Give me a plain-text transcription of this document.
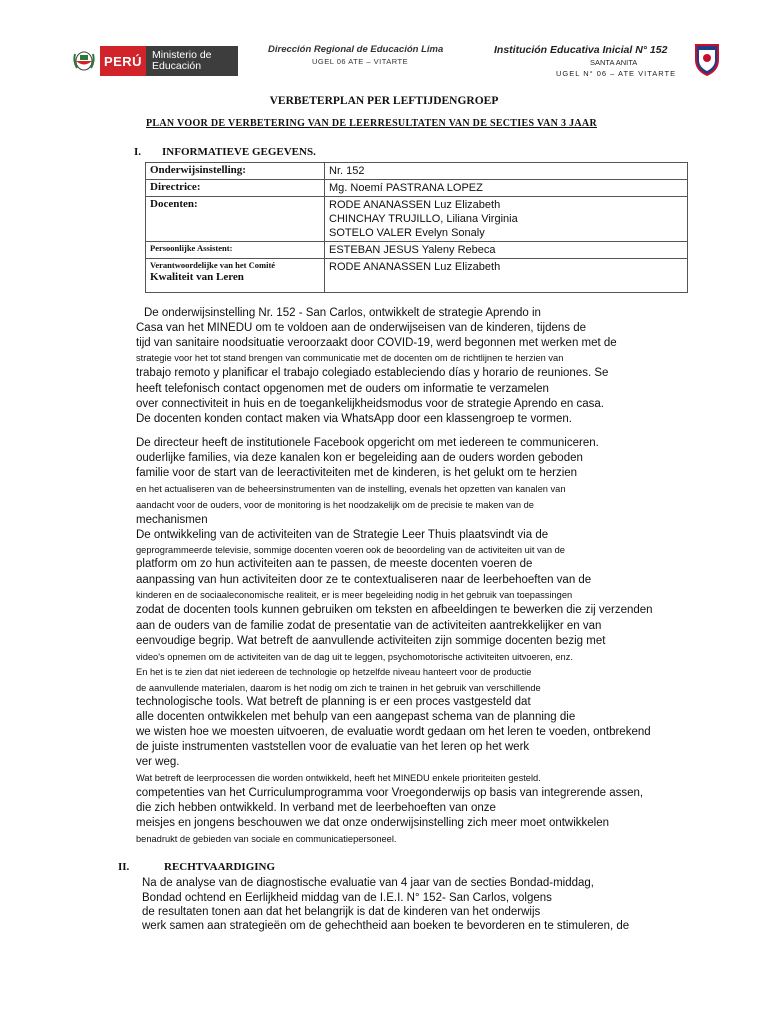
PERÚ Ministerio de Educación
Dirección Regional de Educación Lima
UGEL 06 ATE – VITARTE
Institución Educativa Inicial N° 152
SANTA ANITA
UGEL N° 06 – ATE VITARTE
VERBETERPLAN PER LEFTIJDENGROEP
PLAN VOOR DE VERBETERING VAN DE LEERRESULTATEN VAN DE SECTIES VAN 3 JAAR
I. INFORMATIEVE GEGEVENS.
Onderwijsinstelling:	Nr. 152
Directrice:	Mg. Noemí PASTRANA LOPEZ
Docenten:	RODE ANANASSEN Luz Elizabeth
CHINCHAY TRUJILLO, Liliana Virginia
SOTELO VALER Evelyn Sonaly

Persoonlijke Assistent:	ESTEBAN JESUS Yaleny Rebeca
Verantwoordelijke van het Comité
Kwaliteit van Leren	RODE ANANASSEN Luz Elizabeth
De onderwijsinstelling Nr. 152 - San Carlos, ontwikkelt de strategie Aprendo in
Casa van het MINEDU om te voldoen aan de onderwijseisen van de kinderen, tijdens de
tijd van sanitaire noodsituatie veroorzaakt door COVID-19, werd begonnen met werken met de
strategie voor het tot stand brengen van communicatie met de docenten om de richtlijnen te herzien van
trabajo remoto y planificar el trabajo colegiado estableciendo días y horario de reuniones. Se
heeft telefonisch contact opgenomen met de ouders om informatie te verzamelen
over connectiviteit in huis en de toegankelijkheidsmodus voor de strategie Aprendo en casa.
De docenten konden contact maken via WhatsApp door een klassengroep te vormen.
De directeur heeft de institutionele Facebook opgericht om met iedereen te communiceren.
ouderlijke families, via deze kanalen kon er begeleiding aan de ouders worden geboden
familie voor de start van de leeractiviteiten met de kinderen, is het gelukt om te herzien
en het actualiseren van de beheersinstrumenten van de instelling, evenals het opzetten van kanalen van
aandacht voor de ouders, voor de monitoring is het noodzakelijk om de precisie te maken van de
mechanismen
De ontwikkeling van de activiteiten van de Strategie Leer Thuis plaatsvindt via de
geprogrammeerde televisie, sommige docenten voeren ook de beoordeling van de activiteiten uit van de
platform om zo hun activiteiten aan te passen, de meeste docenten voeren de
aanpassing van hun activiteiten door ze te contextualiseren naar de leerbehoeften van de
kinderen en de sociaaleconomische realiteit, er is meer begeleiding nodig in het gebruik van toepassingen
zodat de docenten tools kunnen gebruiken om teksten en afbeeldingen te bewerken die zij verzenden
aan de ouders van de familie zodat de presentatie van de activiteiten aantrekkelijker en van
eenvoudige begrip. Wat betreft de aanvullende activiteiten zijn sommige docenten bezig met
video's opnemen om de activiteiten van de dag uit te leggen, psychomotorische activiteiten uitvoeren, enz.
En het is te zien dat niet iedereen de technologie op hetzelfde niveau hanteert voor de productie
de aanvullende materialen, daarom is het nodig om zich te trainen in het gebruik van verschillende
technologische tools. Wat betreft de planning is er een proces vastgesteld dat
alle docenten ontwikkelen met behulp van een aangepast schema van de planning die
we wisten hoe we moesten uitvoeren, de evaluatie wordt gedaan om het leren te voeden, ontbrekend
de juiste instrumenten vaststellen voor de evaluatie van het leren op het werk
ver weg.
Wat betreft de leerprocessen die worden ontwikkeld, heeft het MINEDU enkele prioriteiten gesteld.
competenties van het Curriculumprogramma voor Vroegonderwijs op basis van integrerende assen,
die zich hebben ontwikkeld. In verband met de leerbehoeften van onze
meisjes en jongens beschouwen we dat onze onderwijsinstelling zich meer moet ontwikkelen
benadrukt de gebieden van sociale en communicatiepersoneel.
II.	RECHTVAARDIGING
Na de analyse van de diagnostische evaluatie van 4 jaar van de secties Bondad-middag,
Bondad ochtend en Eerlijkheid middag van de I.E.I. N° 152- San Carlos, volgens
de resultaten tonen aan dat het belangrijk is dat de kinderen van het onderwijs
werk samen aan strategieën om de gehechtheid aan boeken te bevorderen en te stimuleren, de
